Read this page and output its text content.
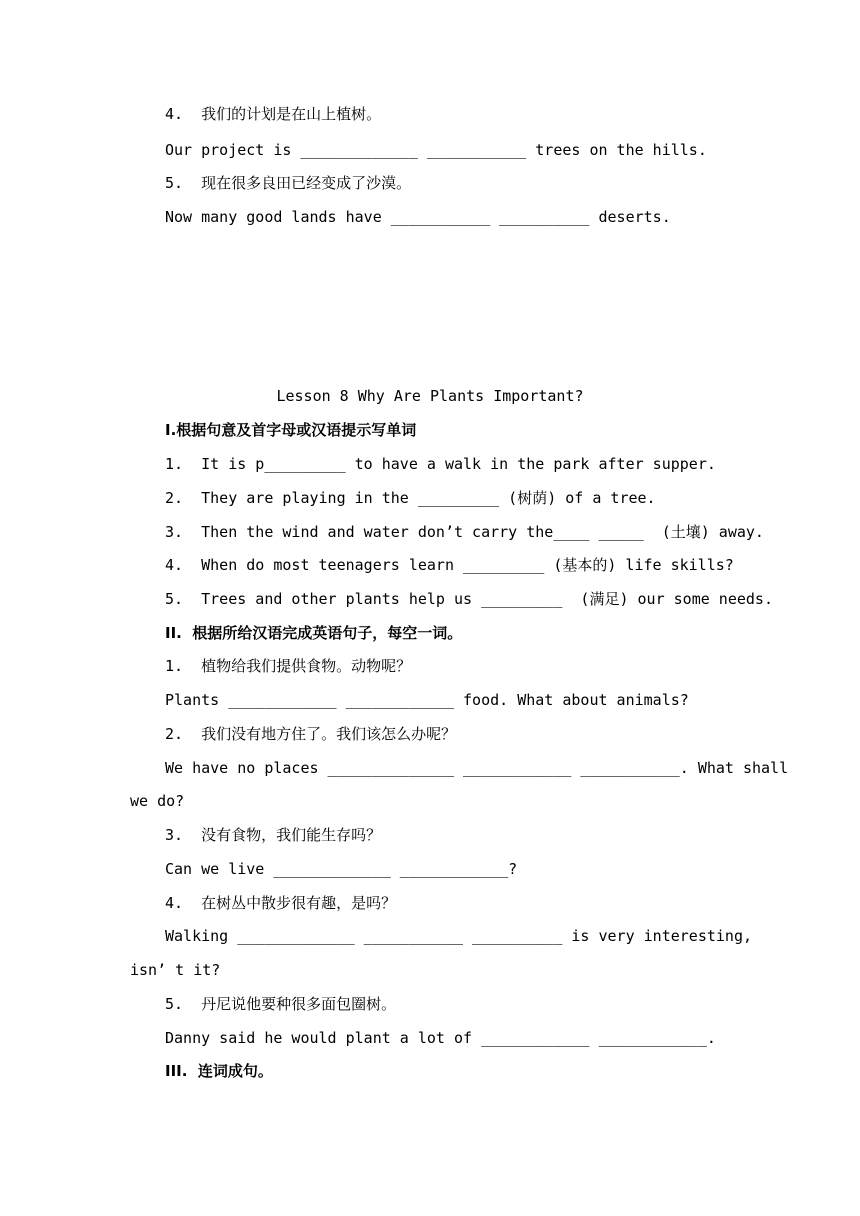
4.  我们的计划是在山上植树。
Our project is _____________ ___________ trees on the hills.
5.  现在很多良田已经变成了沙漠。
Now many good lands have ___________ __________ deserts.
Lesson 8 Why Are Plants Important?
I.根据句意及首字母或汉语提示写单词
1.  It is p_________ to have a walk in the park after supper.
2.  They are playing in the _________ (树荫) of a tree.
3.  Then the wind and water don’t carry the____ _____  (土壤) away.
4.  When do most teenagers learn _________ (基本的) life skills?
5.  Trees and other plants help us _________  (满足) our some needs.
II.  根据所给汉语完成英语句子，每空一词。
1.  植物给我们提供食物。动物呢？
Plants ____________ ____________ food. What about animals?
2.  我们没有地方住了。我们该怎么办呢？
We have no places ______________ ____________ ___________. What shall
we do?
3.  没有食物，我们能生存吗？
Can we live _____________ ____________?
4.  在树丛中散步很有趣，是吗？
Walking _____________ ___________ __________ is very interesting,
isn’ t it?
5.  丹尼说他要种很多面包圈树。
Danny said he would plant a lot of ____________ ____________.
III.  连词成句。
